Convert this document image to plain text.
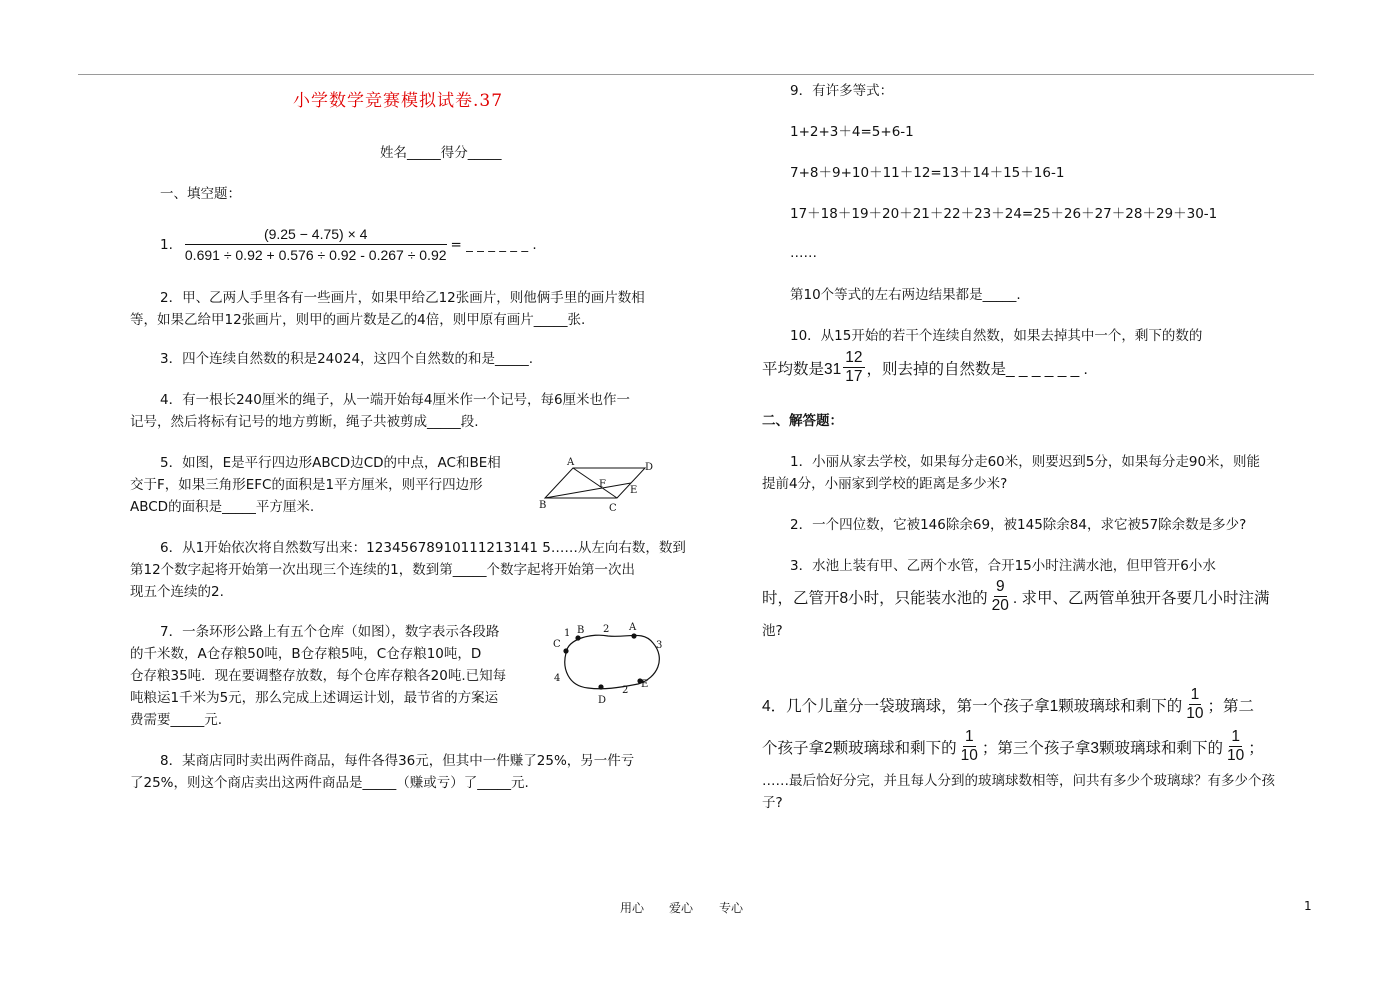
小学数学竞赛模拟试卷.37
姓名_____得分_____
一、填空题：
1. $\frac{(9.25 - 4.75) \times 4}{0.691 \div 0.92 + 0.576 \div 0.92 - 0.267 \div 0.92}$ = _ _ _ _ _ _ .
2．甲、乙两人手里各有一些画片，如果甲给乙12张画片，则他俩手里的画片数相
等，如果乙给甲12张画片，则甲的画片数是乙的4倍，则甲原有画片_____张.
3．四个连续自然数的积是24024，这四个自然数的和是_____.
4．有一根长240厘米的绳子，从一端开始每4厘米作一个记号，每6厘米也作一
记号，然后将标有记号的地方剪断，绳子共被剪成_____段.
5．如图，E是平行四边形ABCD边CD的中点，AC和BE相
交于F，如果三角形EFC的面积是1平方厘米，则平行四边形
ABCD的面积是_____平方厘米.
A	D
B	C
E
F
6．从1开始依次将自然数写出来：12345678910111213141 5……从左向右数，数到
第12个数字起将开始第一次出现三个连续的1，数到第_____个数字起将开始第一次出
现五个连续的2.
7．一条环形公路上有五个仓库（如图），数字表示各段路
的千米数，A仓存粮50吨，B仓存粮5吨，C仓存粮10吨，D
仓存粮35吨．现在要调整存放数，每个仓库存粮各20吨.已知每
吨粮运1千米为5元，那么完成上述调运计划，最节省的方案运
费需要_____元.
C
1 B 2 A
3
4
D
2
E
8．某商店同时卖出两件商品，每件各得36元，但其中一件赚了25%，另一件亏
了25%，则这个商店卖出这两件商品是_____（赚或亏）了_____元.
9．有许多等式：
1+2+3＋4=5+6-1
7+8＋9+10＋11＋12=13＋14＋15＋16-1
17＋18＋19＋20＋21＋22＋23＋24=25＋26＋27＋28＋29＋30-1
……
第10个等式的左右两边结果都是_____.
10．从15开始的若干个连续自然数，如果去掉其中一个，剩下的数的
平均数是$31 \frac{12}{17}$ ，则去掉的自然数是_ _ _ _ _ _ .
二、解答题：
1．小丽从家去学校，如果每分走60米，则要迟到5分，如果每分走90米，则能
提前4分，小丽家到学校的距离是多少米?
2．一个四位数，它被146除余69，被145除余84，求它被57除余数是多少?
3．水池上装有甲、乙两个水管，合开15小时注满水池，但甲管开6小水
时，乙管开8小时，只能装水池的 $\frac{9}{20}$ . 求甲、乙两管单独开各要几小时注满
池?
4．几个儿童分一袋玻璃球，第一个孩子拿1颗玻璃球和剩下的 $\frac{1}{10}$ ；第二
个孩子拿2颗玻璃球和剩下的 $\frac{1}{10}$ ；第三个孩子拿3颗玻璃球和剩下的 $\frac{1}{10}$ ；
……最后恰好分完，并且每人分到的玻璃球数相等，问共有多少个玻璃球？有多少个孩
子?
用心 爱心 专心	1
